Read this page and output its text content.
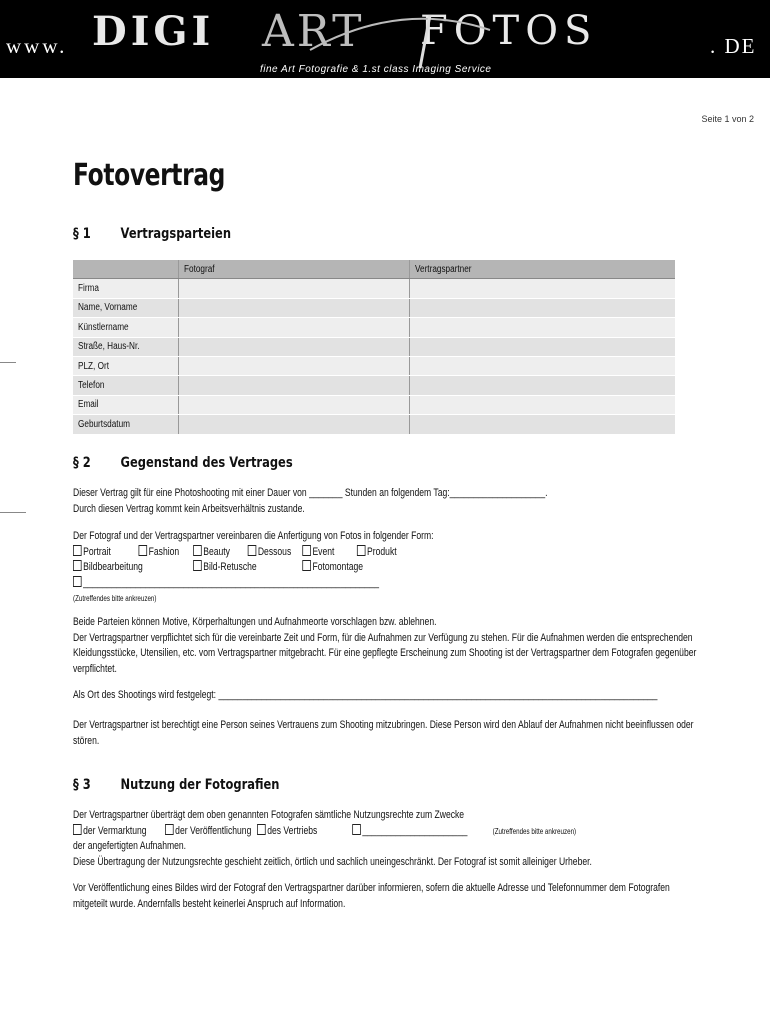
www. DIGI ART FOTOS	. DE
fine Art Fotografie & 1.st class Imaging Service
Seite 1 von 2
Fotovertrag
§ 1 Vertragsparteien
	Fotograf	Vertragspartner
Firma		
Name, Vorname		
Künstlername		
Straße, Haus-Nr.		
PLZ, Ort		
Telefon		
Email		
Geburtsdatum		
§ 2 Gegenstand des Vertrages
Dieser Vertrag gilt für eine Photoshooting mit einer Dauer von _______ Stunden an folgendem Tag:____________________.
Durch diesen Vertrag kommt kein Arbeitsverhältnis zustande.
Der Fotograf und der Vertragspartner vereinbaren die Anfertigung von Fotos in folgender Form:
Portrait	Fashion Beauty	Dessous Event	Produkt
Bildbearbeitung	Bild-Retusche	Fotomontage
______________________________________________________________
(Zutreffendes bitte ankreuzen)
Beide Parteien können Motive, Körperhaltungen und Aufnahmeorte vorschlagen bzw. ablehnen.
Der Vertragspartner verpflichtet sich für die vereinbarte Zeit und Form, für die Aufnahmen zur Verfügung zu stehen. Für die Aufnahmen werden die entsprechenden
Kleidungsstücke, Utensilien, etc. vom Vertragspartner mitgebracht. Für eine gepflegte Erscheinung zum Shooting ist der Vertragspartner dem Fotografen gegenüber
verpflichtet.
Als Ort des Shootings wird festgelegt: ____________________________________________________________________________________________
Der Vertragspartner ist berechtigt eine Person seines Vertrauens zum Shooting mitzubringen. Diese Person wird den Ablauf der Aufnahmen nicht beeinflussen oder
stören.
§ 3 Nutzung der Fotografien
Der Vertragspartner überträgt dem oben genannten Fotografen sämtliche Nutzungsrechte zum Zwecke
der Vermarktung	der Veröffentlichung des Vertriebs	______________________	(Zutreffendes bitte ankreuzen)
der angefertigten Aufnahmen.
Diese Übertragung der Nutzungsrechte geschieht zeitlich, örtlich und sachlich uneingeschränkt. Der Fotograf ist somit alleiniger Urheber.
Vor Veröffentlichung eines Bildes wird der Fotograf den Vertragspartner darüber informieren, sofern die aktuelle Adresse und Telefonnummer dem Fotografen
mitgeteilt wurde. Andernfalls besteht keinerlei Anspruch auf Information.
